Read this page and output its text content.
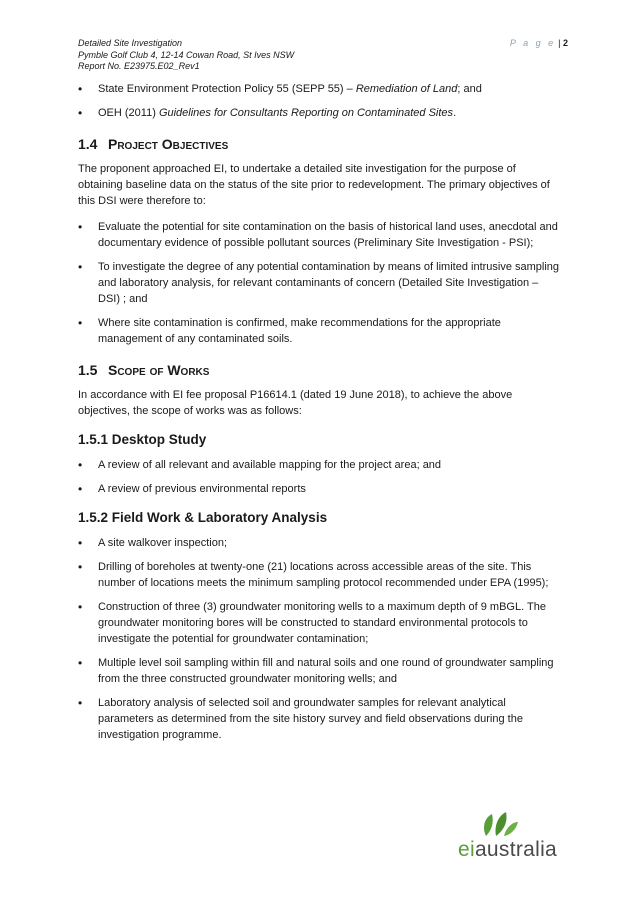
Detailed Site Investigation
Pymble Golf Club 4, 12-14 Cowan Road, St Ives NSW
Report No. E23975.E02_Rev1
P a g e | 2
• State Environment Protection Policy 55 (SEPP 55) – Remediation of Land; and
• OEH (2011) Guidelines for Consultants Reporting on Contaminated Sites.
1.4 Project Objectives

The proponent approached EI, to undertake a detailed site investigation for the purpose of obtaining baseline data on the status of the site prior to redevelopment. The primary objectives of this DSI were therefore to:

• Evaluate the potential for site contamination on the basis of historical land uses, anecdotal and documentary evidence of possible pollutant sources (Preliminary Site Investigation - PSI);
• To investigate the degree of any potential contamination by means of limited intrusive sampling and laboratory analysis, for relevant contaminants of concern (Detailed Site Investigation – DSI) ; and
• Where site contamination is confirmed, make recommendations for the appropriate management of any contaminated soils.
1.5 Scope of Works

In accordance with EI fee proposal P16614.1 (dated 19 June 2018), to achieve the above objectives, the scope of works was as follows:

1.5.1 Desktop Study
• A review of all relevant and available mapping for the project area; and
• A review of previous environmental reports
1.5.2 Field Work & Laboratory Analysis
• A site walkover inspection;
• Drilling of boreholes at twenty-one (21) locations across accessible areas of the site. This number of locations meets the minimum sampling protocol recommended under EPA (1995);
• Construction of three (3) groundwater monitoring wells to a maximum depth of 9 mBGL. The groundwater monitoring bores will be constructed to standard environmental protocols to investigate the potential for groundwater contamination;
• Multiple level soil sampling within fill and natural soils and one round of groundwater sampling from the three constructed groundwater monitoring wells; and
• Laboratory analysis of selected soil and groundwater samples for relevant analytical parameters as determined from the site history survey and field observations during the investigation programme.
eiaustralia
